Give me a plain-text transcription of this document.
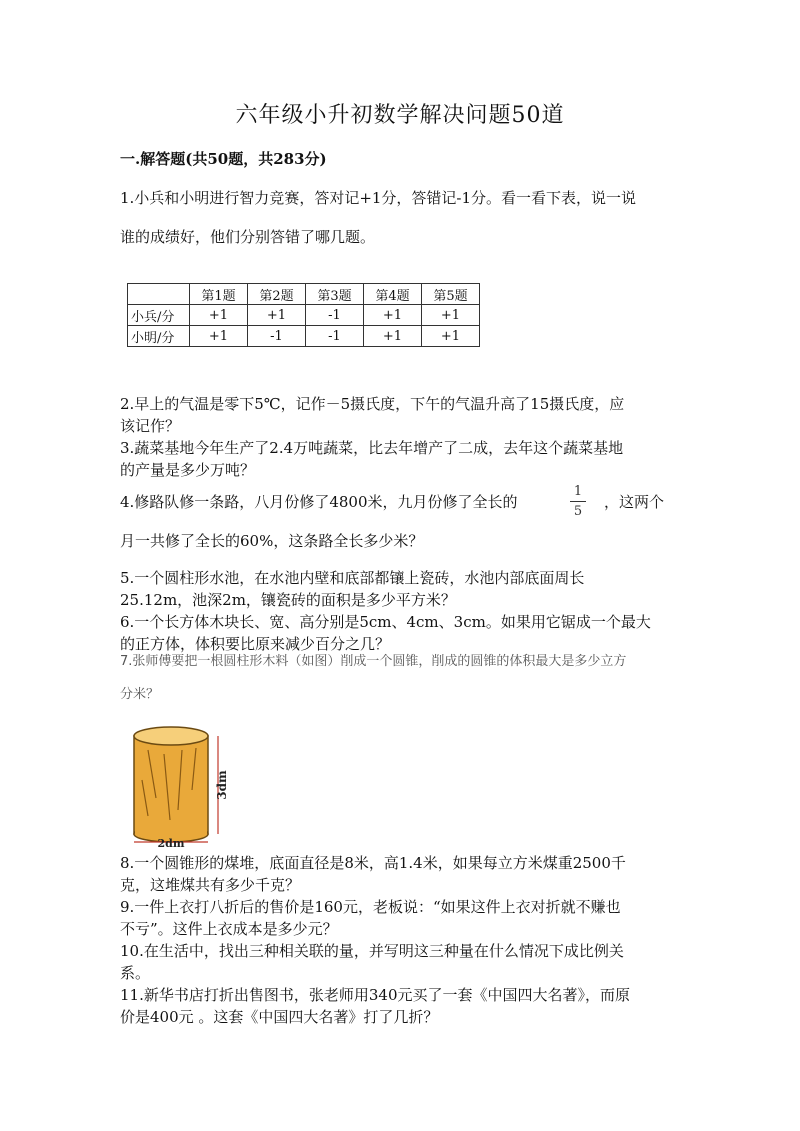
六年级小升初数学解决问题50道
一.解答题(共50题，共283分)
1.小兵和小明进行智力竞赛，答对记+1分，答错记-1分。看一看下表，说一说
谁的成绩好，他们分别答错了哪几题。
	第1题	第2题	第3题	第4题	第5题
小兵/分	+1	+1	-1	+1	+1
小明/分	+1	-1	-1	+1	+1
2.早上的气温是零下5℃，记作－5摄氏度，下午的气温升高了15摄氏度，应
该记作？
3.蔬菜基地今年生产了2.4万吨蔬菜，比去年增产了二成，去年这个蔬菜基地
的产量是多少万吨？
4.修路队修一条路，八月份修了4800米，九月份修了全长的
1
5
，这两个
月一共修了全长的60%，这条路全长多少米？
5.一个圆柱形水池，在水池内壁和底部都镶上瓷砖，水池内部底面周长
25.12m，池深2m，镶瓷砖的面积是多少平方米？
6.一个长方体木块长、宽、高分别是5cm、4cm、3cm。如果用它锯成一个最大
的正方体，体积要比原来减少百分之几？
7.张师傅要把一根圆柱形木料（如图）削成一个圆锥，削成的圆锥的体积最大是多少立方
分米？
3dm
2dm
8.一个圆锥形的煤堆，底面直径是8米，高1.4米，如果每立方米煤重2500千
克，这堆煤共有多少千克？
9.一件上衣打八折后的售价是160元，老板说：“如果这件上衣对折就不赚也
不亏”。这件上衣成本是多少元？
10.在生活中，找出三种相关联的量，并写明这三种量在什么情况下成比例关
系。
11.新华书店打折出售图书，张老师用340元买了一套《中国四大名著》，而原
价是400元 。这套《中国四大名著》打了几折？
